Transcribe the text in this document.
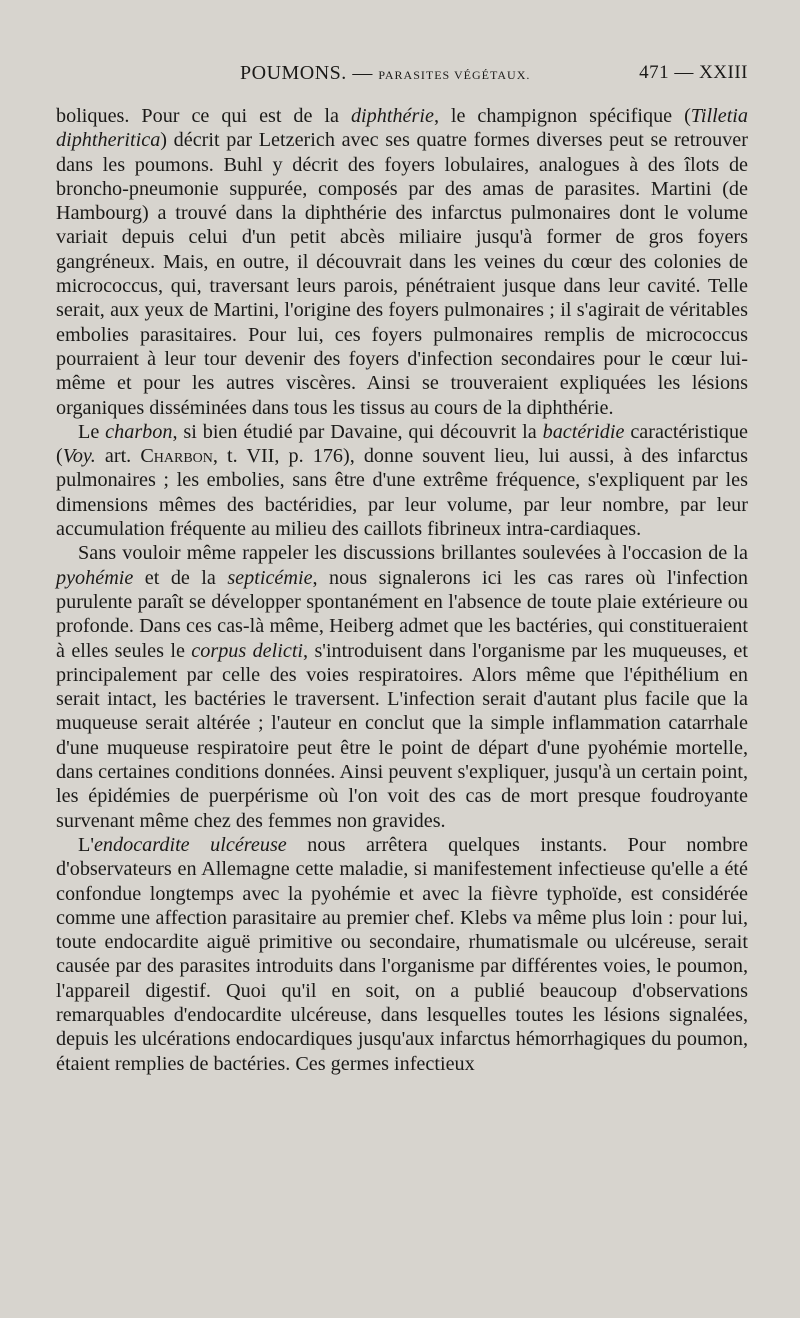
POUMONS. — PARASITES VÉGÉTAUX.	471 — XXIII

boliques. Pour ce qui est de la diphthérie, le champignon spécifique (Tilletia diphtheritica) décrit par Letzerich avec ses quatre formes diverses peut se retrouver dans les poumons. Buhl y décrit des foyers lobulaires, analogues à des îlots de broncho-pneumonie suppurée, composés par des amas de parasites. Martini (de Hambourg) a trouvé dans la diphthérie des infarctus pulmonaires dont le volume variait depuis celui d'un petit abcès miliaire jusqu'à former de gros foyers gangréneux. Mais, en outre, il découvrait dans les veines du cœur des colonies de micrococcus, qui, traversant leurs parois, pénétraient jusque dans leur cavité. Telle serait, aux yeux de Martini, l'origine des foyers pulmonaires ; il s'agirait de véritables embolies parasitaires. Pour lui, ces foyers pulmonaires remplis de micrococcus pourraient à leur tour devenir des foyers d'infection secondaires pour le cœur lui-même et pour les autres viscères. Ainsi se trouveraient expliquées les lésions organiques disséminées dans tous les tissus au cours de la diphthérie.

Le charbon, si bien étudié par Davaine, qui découvrit la bactéridie caractéristique (Voy. art. Charbon, t. VII, p. 176), donne souvent lieu, lui aussi, à des infarctus pulmonaires ; les embolies, sans être d'une extrême fréquence, s'expliquent par les dimensions mêmes des bactéridies, par leur volume, par leur nombre, par leur accumulation fréquente au milieu des caillots fibrineux intra-cardiaques.

Sans vouloir même rappeler les discussions brillantes soulevées à l'occasion de la pyohémie et de la septicémie, nous signalerons ici les cas rares où l'infection purulente paraît se développer spontanément en l'absence de toute plaie extérieure ou profonde. Dans ces cas-là même, Heiberg admet que les bactéries, qui constitueraient à elles seules le corpus delicti, s'introduisent dans l'organisme par les muqueuses, et principalement par celle des voies respiratoires. Alors même que l'épithélium en serait intact, les bactéries le traversent. L'infection serait d'autant plus facile que la muqueuse serait altérée ; l'auteur en conclut que la simple inflammation catarrhale d'une muqueuse respiratoire peut être le point de départ d'une pyohémie mortelle, dans certaines conditions données. Ainsi peuvent s'expliquer, jusqu'à un certain point, les épidémies de puerpérisme où l'on voit des cas de mort presque foudroyante survenant même chez des femmes non gravides.

L'endocardite ulcéreuse nous arrêtera quelques instants. Pour nombre d'observateurs en Allemagne cette maladie, si manifestement infectieuse qu'elle a été confondue longtemps avec la pyohémie et avec la fièvre typhoïde, est considérée comme une affection parasitaire au premier chef. Klebs va même plus loin : pour lui, toute endocardite aiguë primitive ou secondaire, rhumatismale ou ulcéreuse, serait causée par des parasites introduits dans l'organisme par différentes voies, le poumon, l'appareil digestif. Quoi qu'il en soit, on a publié beaucoup d'observations remarquables d'endocardite ulcéreuse, dans lesquelles toutes les lésions signalées, depuis les ulcérations endocardiques jusqu'aux infarctus hémorrhagiques du poumon, étaient remplies de bactéries. Ces germes infectieux
